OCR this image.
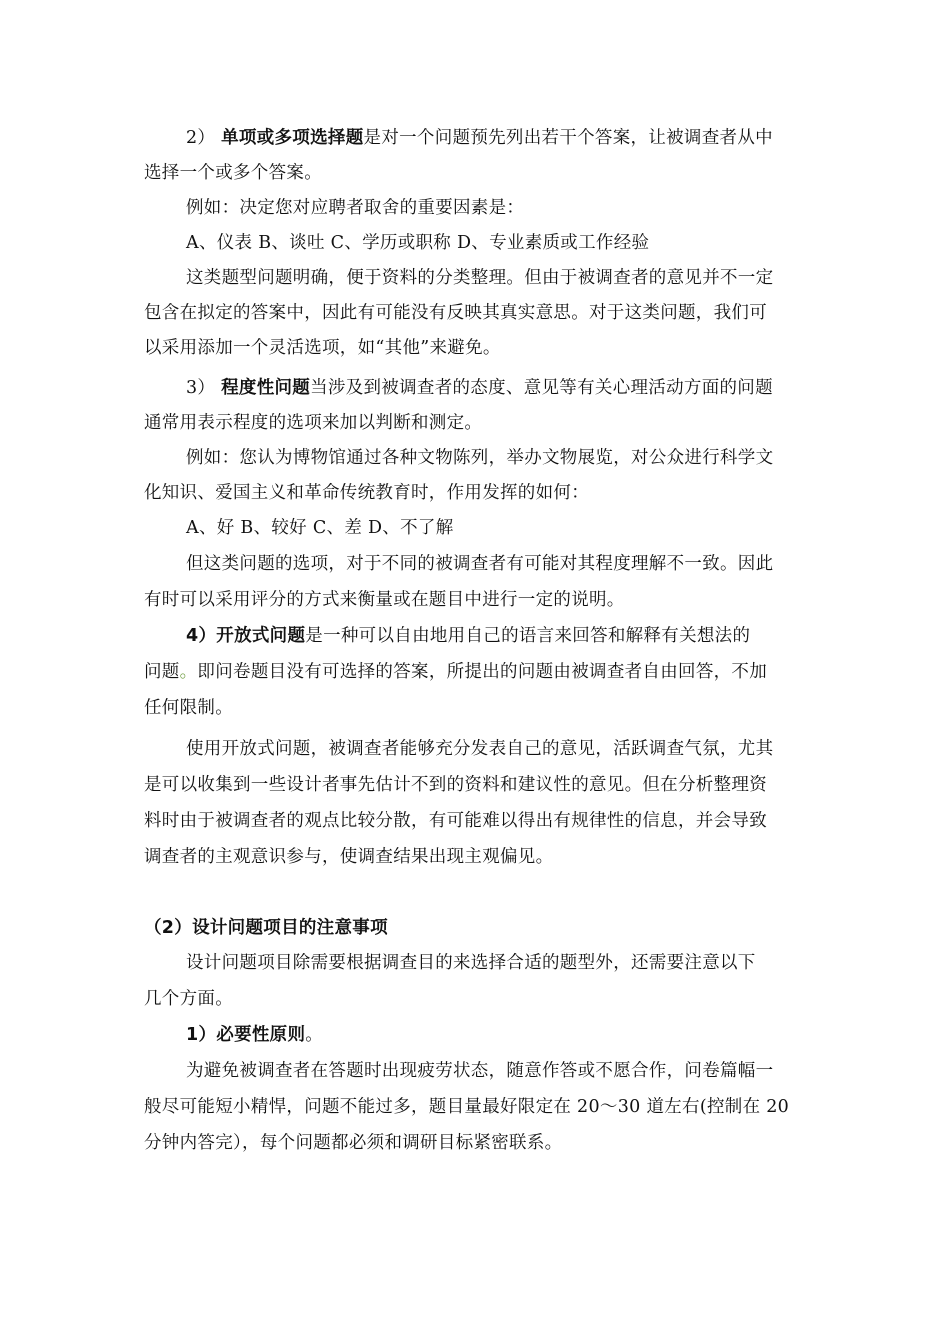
2） 单项或多项选择题是对一个问题预先列出若干个答案，让被调查者从中
选择一个或多个答案。
例如：决定您对应聘者取舍的重要因素是：
A、仪表 B、谈吐 C、学历或职称 D、专业素质或工作经验
这类题型问题明确，便于资料的分类整理。但由于被调查者的意见并不一定
包含在拟定的答案中，因此有可能没有反映其真实意思。对于这类问题，我们可
以采用添加一个灵活选项，如“其他”来避免。
3） 程度性问题当涉及到被调查者的态度、意见等有关心理活动方面的问题
通常用表示程度的选项来加以判断和测定。
例如：您认为博物馆通过各种文物陈列，举办文物展览，对公众进行科学文
化知识、爱国主义和革命传统教育时，作用发挥的如何：
A、好 B、较好 C、差 D、不了解
但这类问题的选项，对于不同的被调查者有可能对其程度理解不一致。因此
有时可以采用评分的方式来衡量或在题目中进行一定的说明。
4）开放式问题是一种可以自由地用自己的语言来回答和解释有关想法的
问题。即问卷题目没有可选择的答案，所提出的问题由被调查者自由回答，不加
任何限制。
使用开放式问题，被调查者能够充分发表自己的意见，活跃调查气氛，尤其
是可以收集到一些设计者事先估计不到的资料和建议性的意见。但在分析整理资
料时由于被调查者的观点比较分散，有可能难以得出有规律性的信息，并会导致
调查者的主观意识参与，使调查结果出现主观偏见。
（2）设计问题项目的注意事项
设计问题项目除需要根据调查目的来选择合适的题型外，还需要注意以下
几个方面。
1）必要性原则。
为避免被调查者在答题时出现疲劳状态，随意作答或不愿合作，问卷篇幅一
般尽可能短小精悍，问题不能过多，题目量最好限定在 20～30 道左右(控制在 20
分钟内答完），每个问题都必须和调研目标紧密联系。
